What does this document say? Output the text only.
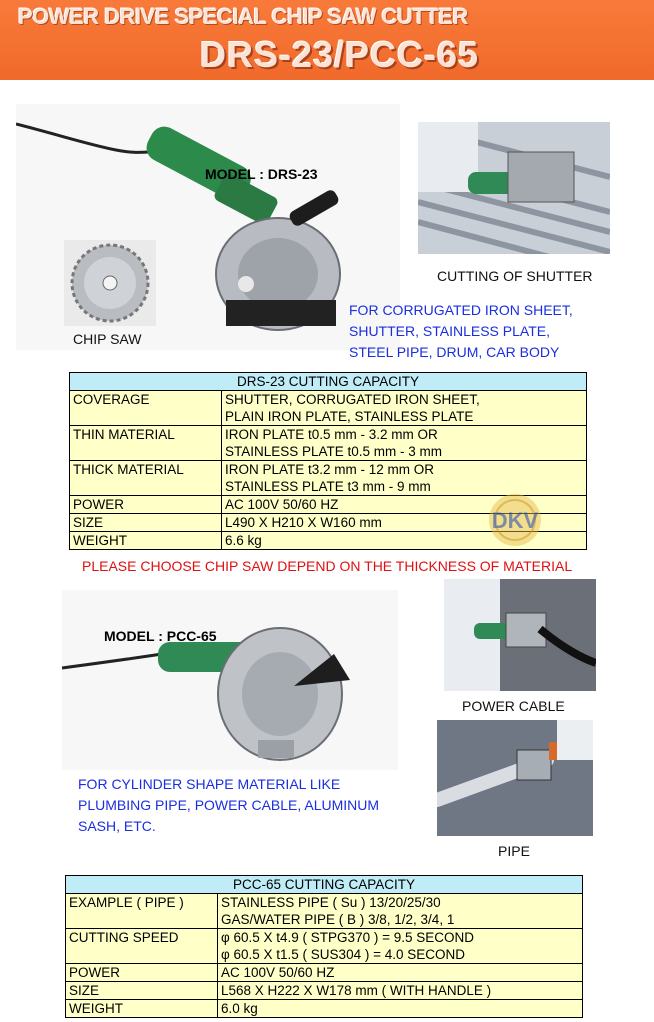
POWER DRIVE SPECIAL CHIP SAW CUTTER
DRS-23/PCC-65
MODEL : DRS-23
CHIP SAW
CUTTING OF SHUTTER
FOR CORRUGATED IRON SHEET,
SHUTTER, STAINLESS PLATE,
STEEL PIPE, DRUM, CAR BODY
DRS-23 CUTTING CAPACITY	
COVERAGE	SHUTTER, CORRUGATED IRON SHEET,
PLAIN IRON PLATE, STAINLESS PLATE

THIN MATERIAL	IRON PLATE t0.5 mm - 3.2 mm OR
STAINLESS PLATE t0.5 mm - 3 mm

THICK MATERIAL	IRON PLATE t3.2 mm - 12 mm OR
STAINLESS PLATE t3 mm - 9 mm

POWER	AC 100V 50/60 HZ
SIZE	L490 X H210 X W160 mm
WEIGHT	6.6 kg
DKV
PLEASE CHOOSE CHIP SAW DEPEND ON THE THICKNESS OF MATERIAL
MODEL : PCC-65
POWER CABLE
PIPE
FOR CYLINDER SHAPE MATERIAL LIKE
PLUMBING PIPE, POWER CABLE, ALUMINUM
SASH, ETC.
PCC-65 CUTTING CAPACITY	
EXAMPLE ( PIPE )	STAINLESS PIPE ( Su ) 13/20/25/30
GAS/WATER PIPE ( B ) 3/8, 1/2, 3/4, 1

CUTTING SPEED	φ 60.5 X t4.9 ( STPG370 ) = 9.5 SECOND
φ 60.5 X t1.5 ( SUS304 ) = 4.0 SECOND

POWER	AC 100V 50/60 HZ
SIZE	L568 X H222 X W178 mm ( WITH HANDLE )
WEIGHT	6.0 kg
